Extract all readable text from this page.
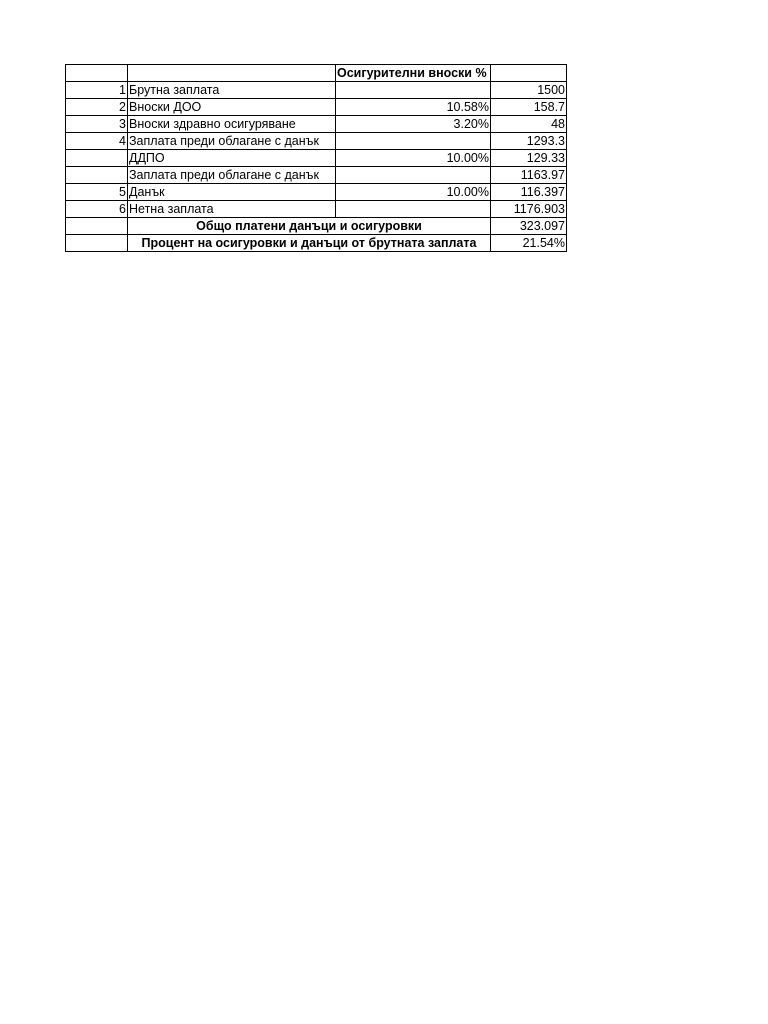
		Осигурителни вноски %	
1	Брутна заплата		1500
2	Вноски ДОО	10.58%	158.7
3	Вноски здравно осигуряване	3.20%	48
4	Заплата преди облагане с данък		1293.3
	ДДПО	10.00%	129.33
	Заплата преди облагане с данък		1163.97
5	Данък	10.00%	116.397
6	Нетна заплата		1176.903
	Общо платени данъци и осигуровки		323.097
	Процент на осигуровки и данъци от брутната заплата		21.54%
